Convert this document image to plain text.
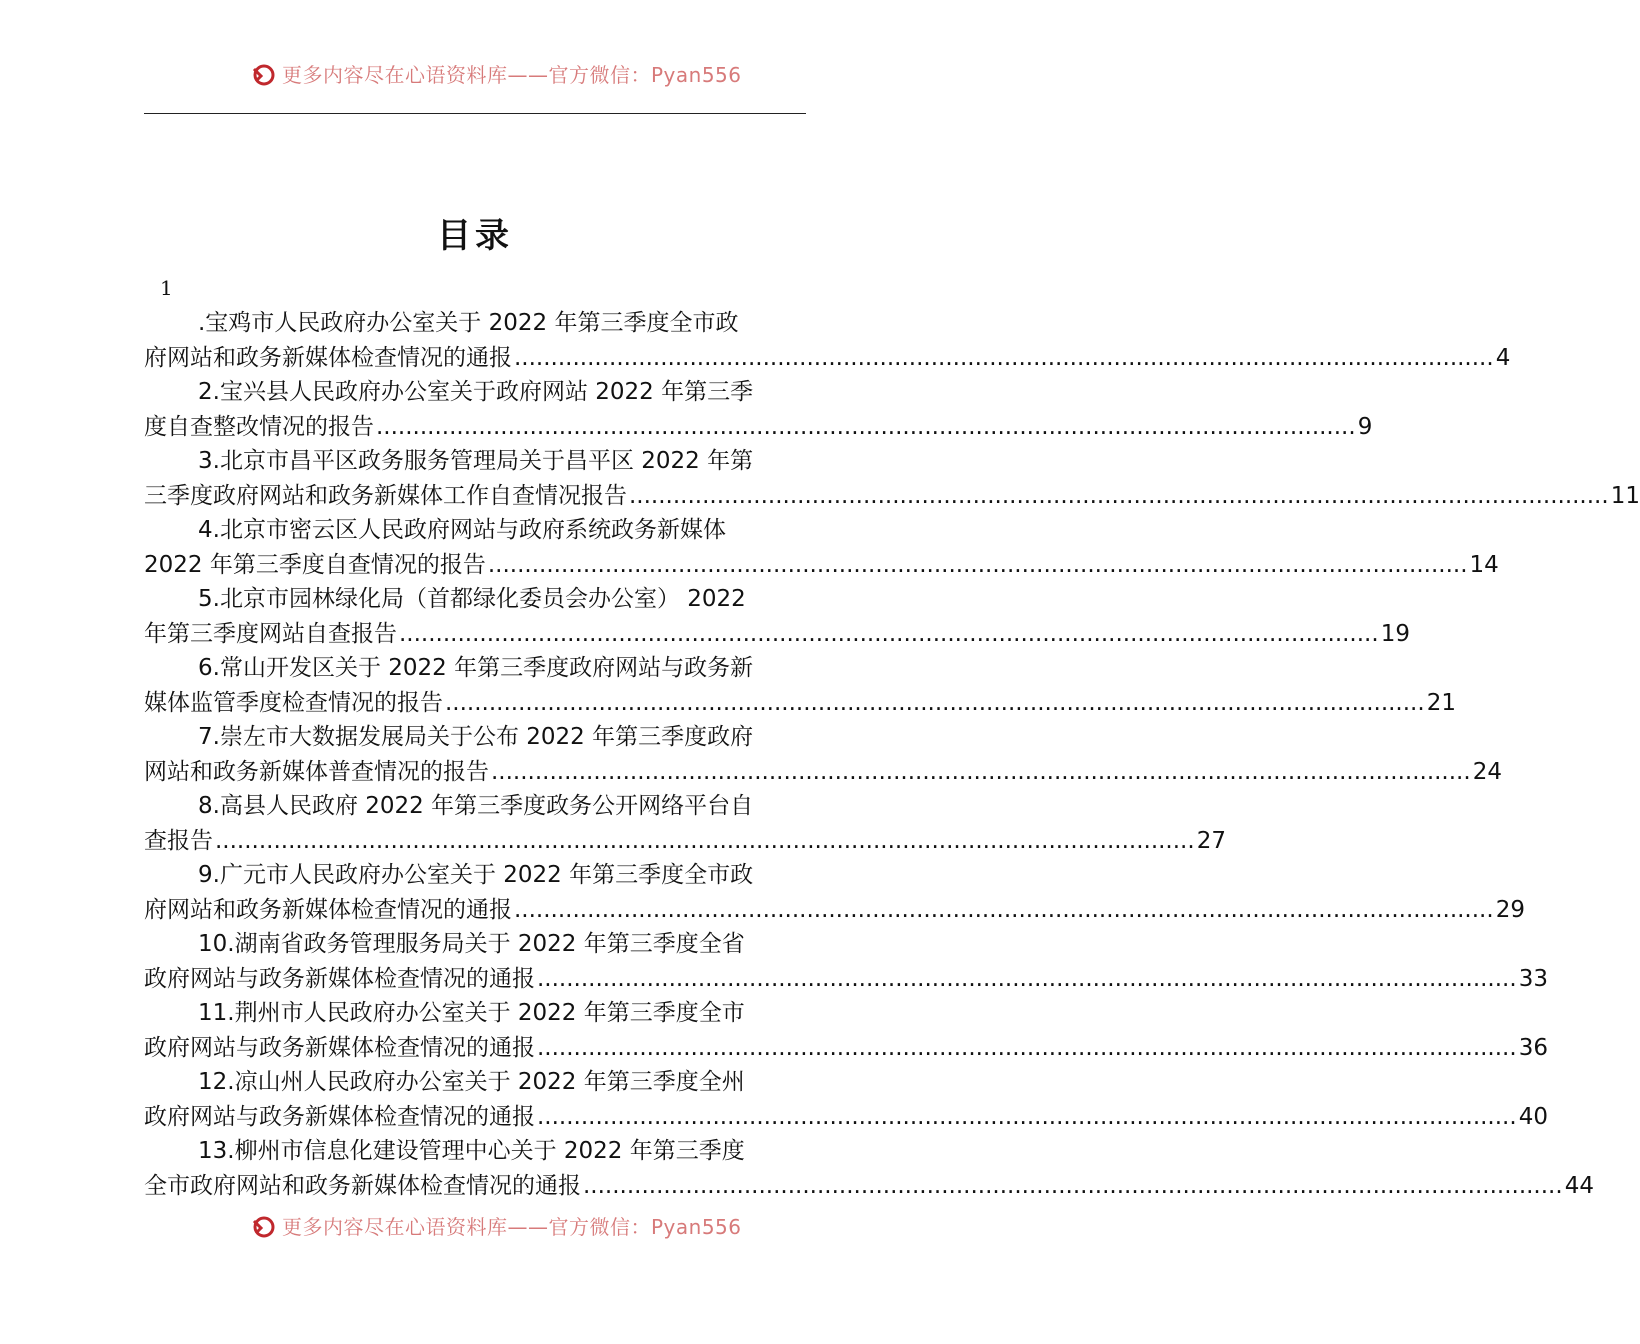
更多内容尽在心语资料库——官方微信：Pyan556
目录
1
.宝鸡市人民政府办公室关于 2022 年第三季度全市政
府网站和政务新媒体检查情况的通报 ...................................................................................................................................... 4
2.宝兴县人民政府办公室关于政府网站 2022 年第三季
度自查整改情况的报告 ...................................................................................................................................... 9
3.北京市昌平区政务服务管理局关于昌平区 2022 年第
三季度政府网站和政务新媒体工作自查情况报告 ...................................................................................................................................... 11
4.北京市密云区人民政府网站与政府系统政务新媒体
2022 年第三季度自查情况的报告 ...................................................................................................................................... 14
5.北京市园林绿化局（首都绿化委员会办公室） 2022
年第三季度网站自查报告 ...................................................................................................................................... 19
6.常山开发区关于 2022 年第三季度政府网站与政务新
媒体监管季度检查情况的报告 ...................................................................................................................................... 21
7.崇左市大数据发展局关于公布 2022 年第三季度政府
网站和政务新媒体普查情况的报告 ...................................................................................................................................... 24
8.高县人民政府 2022 年第三季度政务公开网络平台自
查报告 ...................................................................................................................................... 27
9.广元市人民政府办公室关于 2022 年第三季度全市政
府网站和政务新媒体检查情况的通报 ...................................................................................................................................... 29
10.湖南省政务管理服务局关于 2022 年第三季度全省
政府网站与政务新媒体检查情况的通报 ...................................................................................................................................... 33
11.荆州市人民政府办公室关于 2022 年第三季度全市
政府网站与政务新媒体检查情况的通报 ...................................................................................................................................... 36
12.凉山州人民政府办公室关于 2022 年第三季度全州
政府网站与政务新媒体检查情况的通报 ...................................................................................................................................... 40
13.柳州市信息化建设管理中心关于 2022 年第三季度
全市政府网站和政务新媒体检查情况的通报 ...................................................................................................................................... 44
更多内容尽在心语资料库——官方微信：Pyan556
